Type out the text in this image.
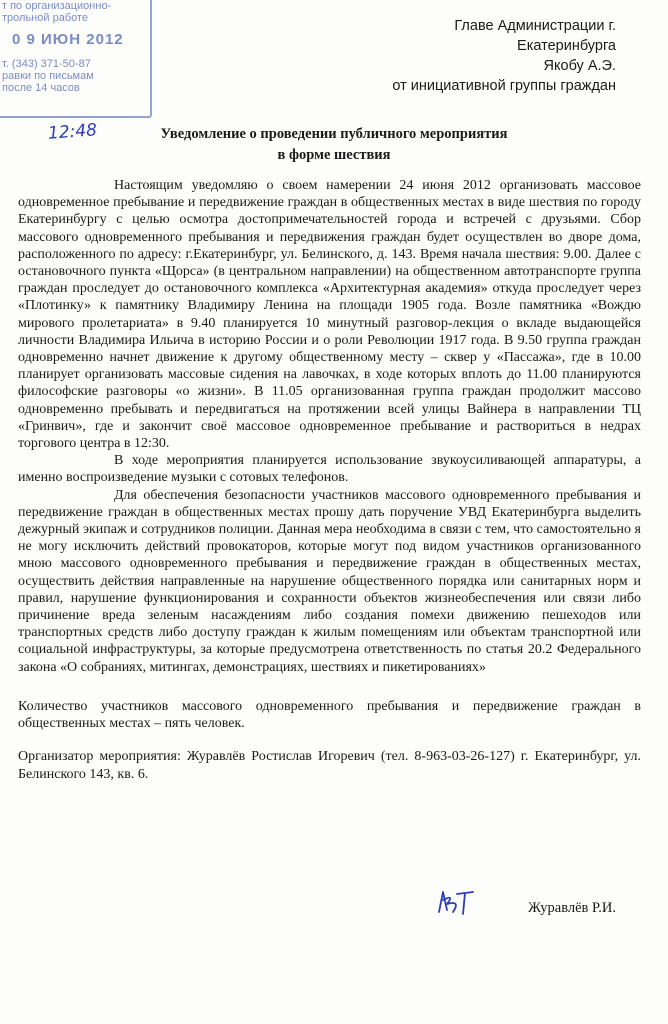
т по организационно-
трольной работе
0 9 ИЮН 2012
т. (343) 371-50-87
равки по письмам
после 14 часов
Главе Администрации г.
Екатеринбурга
Якобу А.Э.
от инициативной группы граждан
12:48	Уведомление о проведении публичного мероприятия
в форме шествия

Настоящим уведомляю о своем намерении 24 июня 2012 организовать массовое одновременное пребывание и передвижение граждан в общественных местах в виде шествия по городу Екатеринбургу с целью осмотра достопримечательностей города и встречей с друзьями. Сбор массового одновременного пребывания и передвижения граждан будет осуществлен во дворе дома, расположенного по адресу: г.Екатеринбург, ул. Белинского, д. 143. Время начала шествия: 9.00. Далее с остановочного пункта «Щорса» (в центральном направлении) на общественном автотранспорте группа граждан проследует до остановочного комплекса «Архитектурная академия» откуда проследует через «Плотинку» к памятнику Владимиру Ленина на площади 1905 года. Возле памятника «Вождю мирового пролетариата» в 9.40 планируется 10 минутный разговор-лекция о вкладе выдающейся личности Владимира Ильича в историю России и о роли Революции 1917 года. В 9.50 группа граждан одновременно начнет движение к другому общественному месту – сквер у «Пассажа», где в 10.00 планирует организовать массовые сидения на лавочках, в ходе которых вплоть до 11.00 планируются философские разговоры «о жизни». В 11.05 организованная группа граждан продолжит массово одновременно пребывать и передвигаться на протяжении всей улицы Вайнера в направлении ТЦ «Гринвич», где и закончит своё массовое одновременное пребывание и раствориться в недрах торгового центра в 12:30.

В ходе мероприятия планируется использование звукоусиливающей аппаратуры, а именно воспроизведение музыки с сотовых телефонов.

Для обеспечения безопасности участников массового одновременного пребывания и передвижение граждан в общественных местах прошу дать поручение УВД Екатеринбурга выделить дежурный экипаж и сотрудников полиции. Данная мера необходима в связи с тем, что самостоятельно я не могу исключить действий провокаторов, которые могут под видом участников организованного мною массового одновременного пребывания и передвижение граждан в общественных местах, осуществить действия направленные на нарушение общественного порядка или санитарных норм и правил, нарушение функционирования и сохранности объектов жизнеобеспечения или связи либо причинение вреда зеленым насаждениям либо создания помехи движению пешеходов или транспортных средств либо доступу граждан к жилым помещениям или объектам транспортной или социальной инфраструктуры, за которые предусмотрена ответственность по статья 20.2 Федерального закона «О собраниях, митингах, демонстрациях, шествиях и пикетированиях»

Количество участников массового одновременного пребывания и передвижение граждан в общественных местах – пять человек.

Организатор мероприятия: Журавлёв Ростислав Игоревич (тел. 8-963-03-26-127) г. Екатеринбург, ул. Белинского 143, кв. 6.

Журавлёв Р.И.
